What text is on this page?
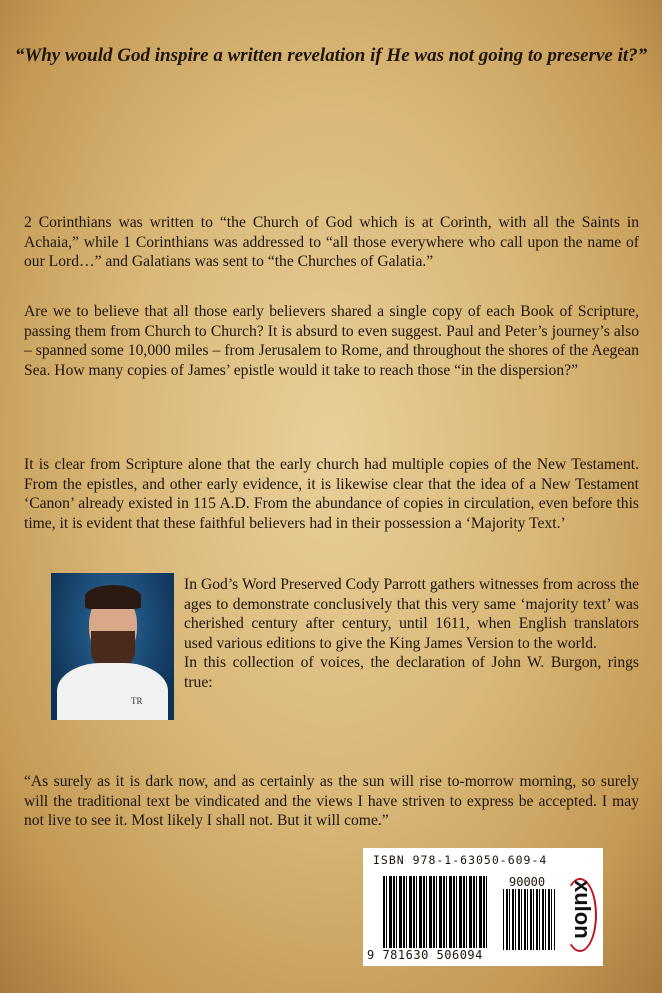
“Why would God inspire a written revelation if He was not going to preserve it?”

2 Corinthians was written to “the Church of God which is at Corinth, with all the Saints in Achaia,” while 1 Corinthians was addressed to “all those everywhere who call upon the name of our Lord…” and Galatians was sent to “the Churches of Galatia.”

Are we to believe that all those early believers shared a single copy of each Book of Scripture, passing them from Church to Church? It is absurd to even suggest. Paul and Peter’s journey’s also – spanned some 10,000 miles – from Jerusalem to Rome, and throughout the shores of the Aegean Sea. How many copies of James’ epistle would it take to reach those “in the dispersion?”

It is clear from Scripture alone that the early church had multiple copies of the New Testament. From the epistles, and other early evidence, it is likewise clear that the idea of a New Testament ‘Canon’ already existed in 115 A.D. From the abundance of copies in circulation, even before this time, it is evident that these faithful believers had in their possession a ‘Majority Text.’

TR
In God’s Word Preserved Cody Parrott gathers witnesses from across the ages to demonstrate conclusively that this very same ‘majority text’ was cherished century after century, until 1611, when English translators used various editions to give the King James Version to the world.
In this collection of voices, the declaration of John W. Burgon, rings true:
“As surely as it is dark now, and as certainly as the sun will rise to-morrow morning, so surely will the traditional text be vindicated and the views I have striven to express be accepted. I may not live to see it. Most likely I shall not. But it will come.”
ISBN 978-1-63050-609-4
90000
9 781630 506094
xulon
